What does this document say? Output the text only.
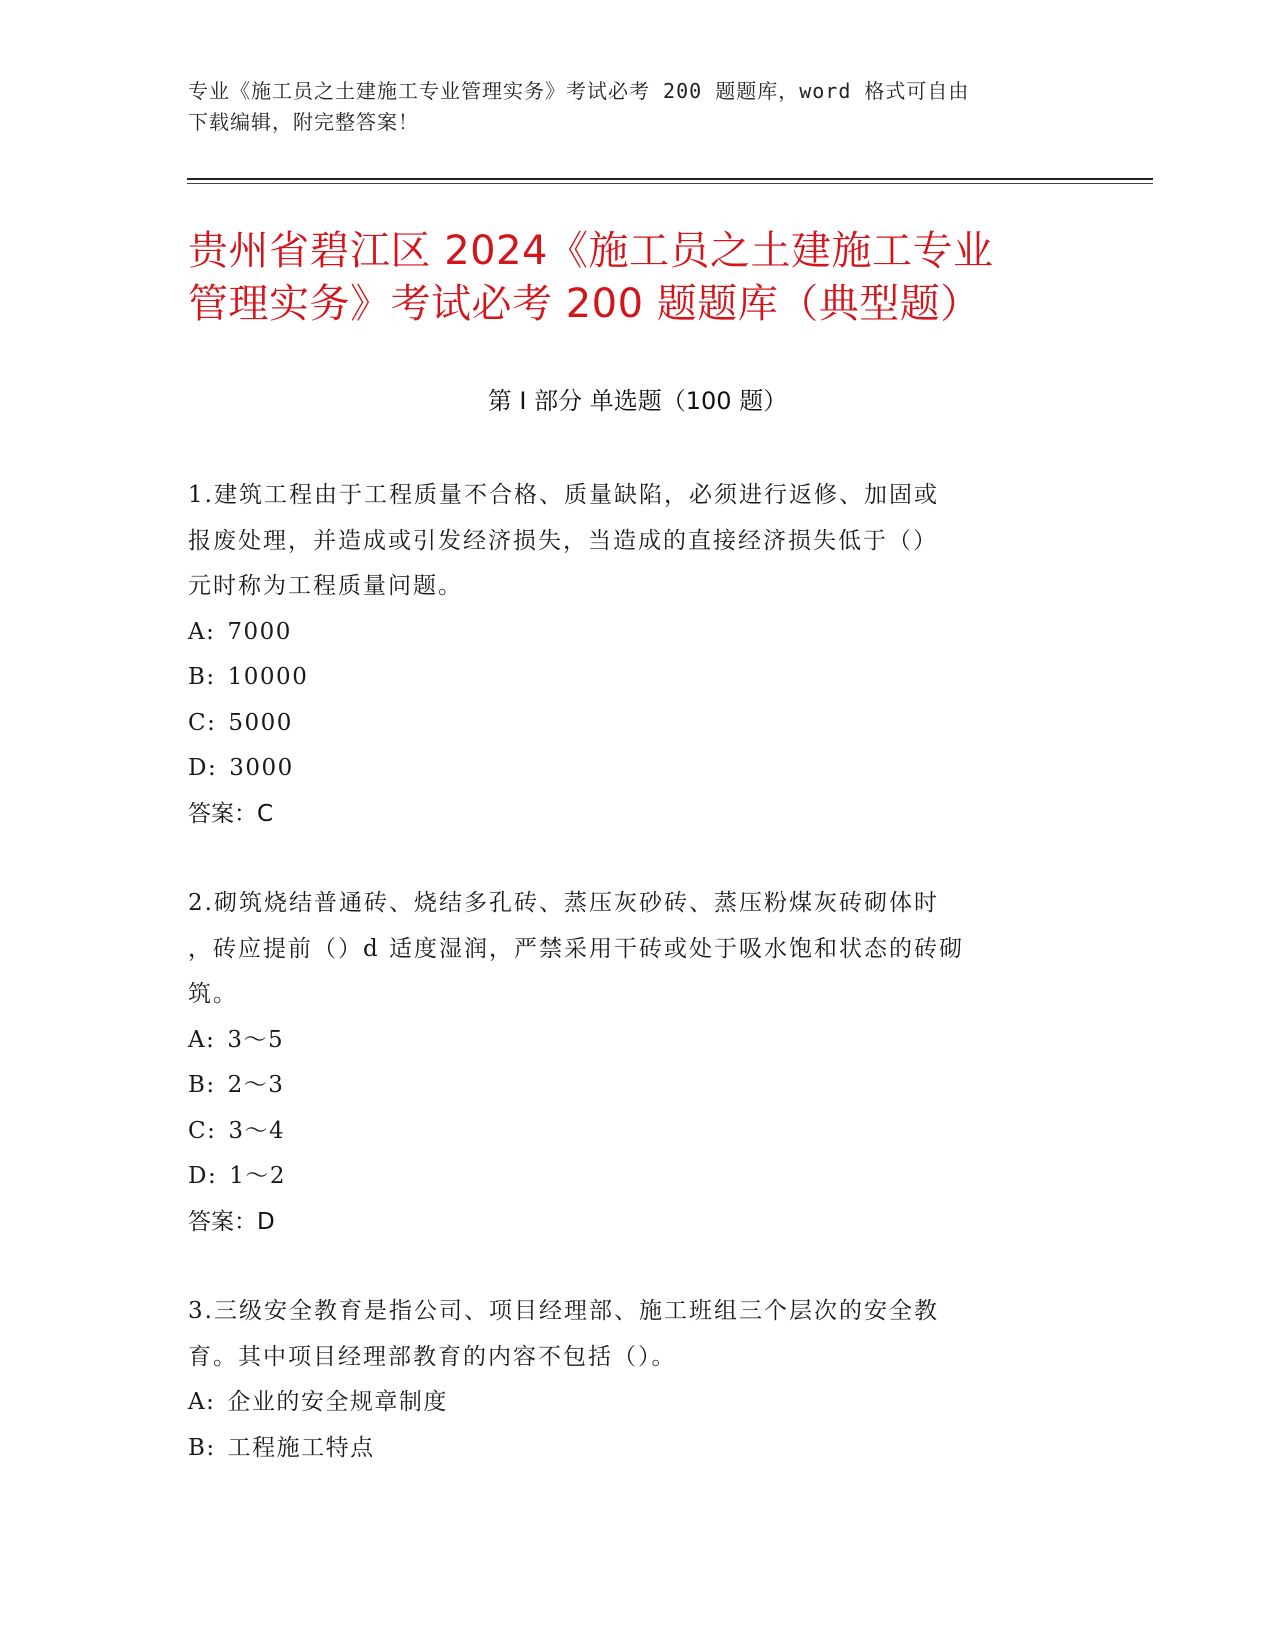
专业《施工员之土建施工专业管理实务》考试必考 200 题题库，word 格式可自由
下载编辑，附完整答案！
贵州省碧江区 2024《施工员之土建施工专业
管理实务》考试必考 200 题题库（典型题）
第 I 部分 单选题（100 题）
1.建筑工程由于工程质量不合格、质量缺陷，必须进行返修、加固或
报废处理，并造成或引发经济损失，当造成的直接经济损失低于（）
元时称为工程质量问题。
A: 7000
B: 10000
C: 5000
D: 3000
答案：C
2.砌筑烧结普通砖、烧结多孔砖、蒸压灰砂砖、蒸压粉煤灰砖砌体时
，砖应提前（）d 适度湿润，严禁采用干砖或处于吸水饱和状态的砖砌
筑。
A: 3～5
B: 2～3
C: 3～4
D: 1～2
答案：D
3.三级安全教育是指公司、项目经理部、施工班组三个层次的安全教
育。其中项目经理部教育的内容不包括（）。
A: 企业的安全规章制度
B: 工程施工特点
